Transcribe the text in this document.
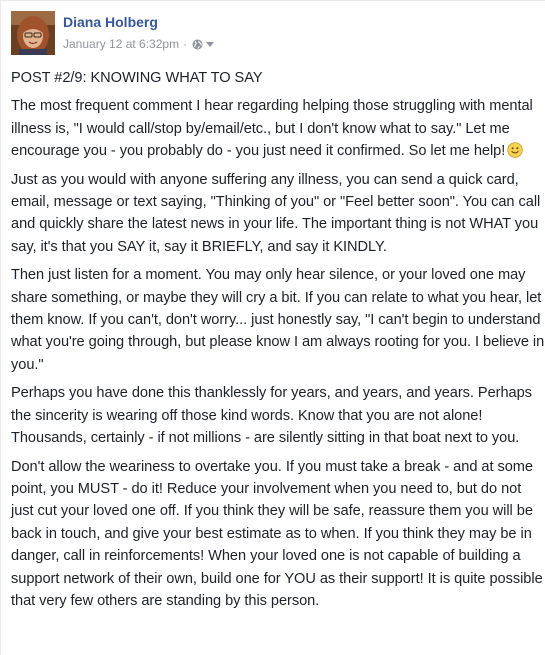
Diana Holberg
January 12 at 6:32pm ·

POST #2/9: KNOWING WHAT TO SAY

The most frequent comment I hear regarding helping those struggling with mental illness is, "I would call/stop by/email/etc., but I don't know what to say." Let me encourage you - you probably do - you just need it confirmed. So let me help!

Just as you would with anyone suffering any illness, you can send a quick card, email, message or text saying, "Thinking of you" or "Feel better soon". You can call and quickly share the latest news in your life. The important thing is not WHAT you say, it's that you SAY it, say it BRIEFLY, and say it KINDLY.

Then just listen for a moment. You may only hear silence, or your loved one may share something, or maybe they will cry a bit. If you can relate to what you hear, let them know. If you can't, don't worry... just honestly say, "I can't begin to understand what you're going through, but please know I am always rooting for you. I believe in you."

Perhaps you have done this thanklessly for years, and years, and years. Perhaps the sincerity is wearing off those kind words. Know that you are not alone! Thousands, certainly - if not millions - are silently sitting in that boat next to you.

Don't allow the weariness to overtake you. If you must take a break - and at some point, you MUST - do it! Reduce your involvement when you need to, but do not just cut your loved one off. If you think they will be safe, reassure them you will be back in touch, and give your best estimate as to when. If you think they may be in danger, call in reinforcements! When your loved one is not capable of building a support network of their own, build one for YOU as their support! It is quite possible that very few others are standing by this person.
